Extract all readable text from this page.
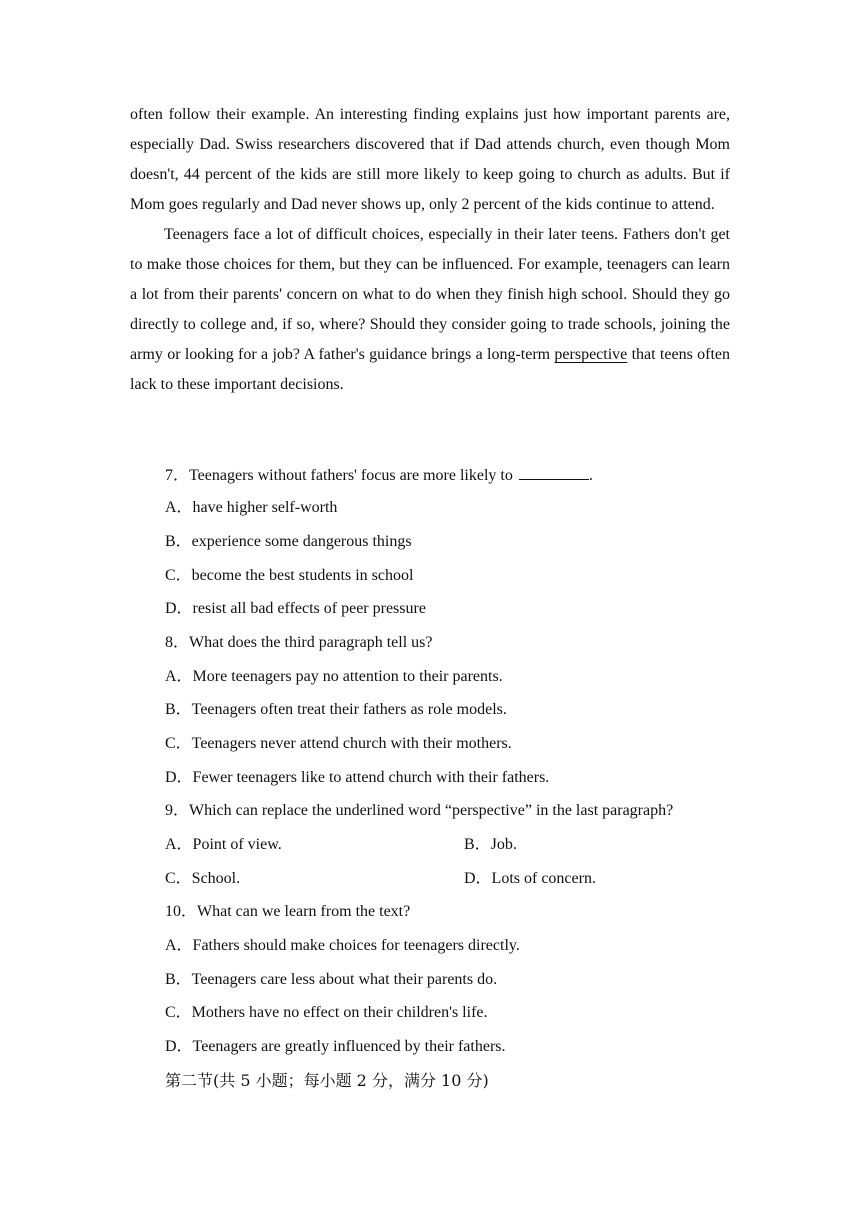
often follow their example. An interesting finding explains just how important parents are, especially Dad. Swiss researchers discovered that if Dad attends church, even though Mom doesn't, 44 percent of the kids are still more likely to keep going to church as adults. But if Mom goes regularly and Dad never shows up, only 2 percent of the kids continue to attend.

Teenagers face a lot of difficult choices, especially in their later teens. Fathers don't get to make those choices for them, but they can be influenced. For example, teenagers can learn a lot from their parents' concern on what to do when they finish high school. Should they go directly to college and, if so, where? Should they consider going to trade schools, joining the army or looking for a job? A father's guidance brings a long-term perspective that teens often lack to these important decisions.

7．Teenagers without fathers' focus are more likely to	.
A．have higher self-worth
B．experience some dangerous things
C．become the best students in school
D．resist all bad effects of peer pressure
8．What does the third paragraph tell us?
A．More teenagers pay no attention to their parents.
B．Teenagers often treat their fathers as role models.
C．Teenagers never attend church with their mothers.
D．Fewer teenagers like to attend church with their fathers.
9．Which can replace the underlined word “perspective” in the last paragraph?
A．Point of view.	B．Job.
C．School.	D．Lots of concern.
10．What can we learn from the text?
A．Fathers should make choices for teenagers directly.
B．Teenagers care less about what their parents do.
C．Mothers have no effect on their children's life.
D．Teenagers are greatly influenced by their fathers.
第二节(共 5 小题；每小题 2 分，满分 10 分)
